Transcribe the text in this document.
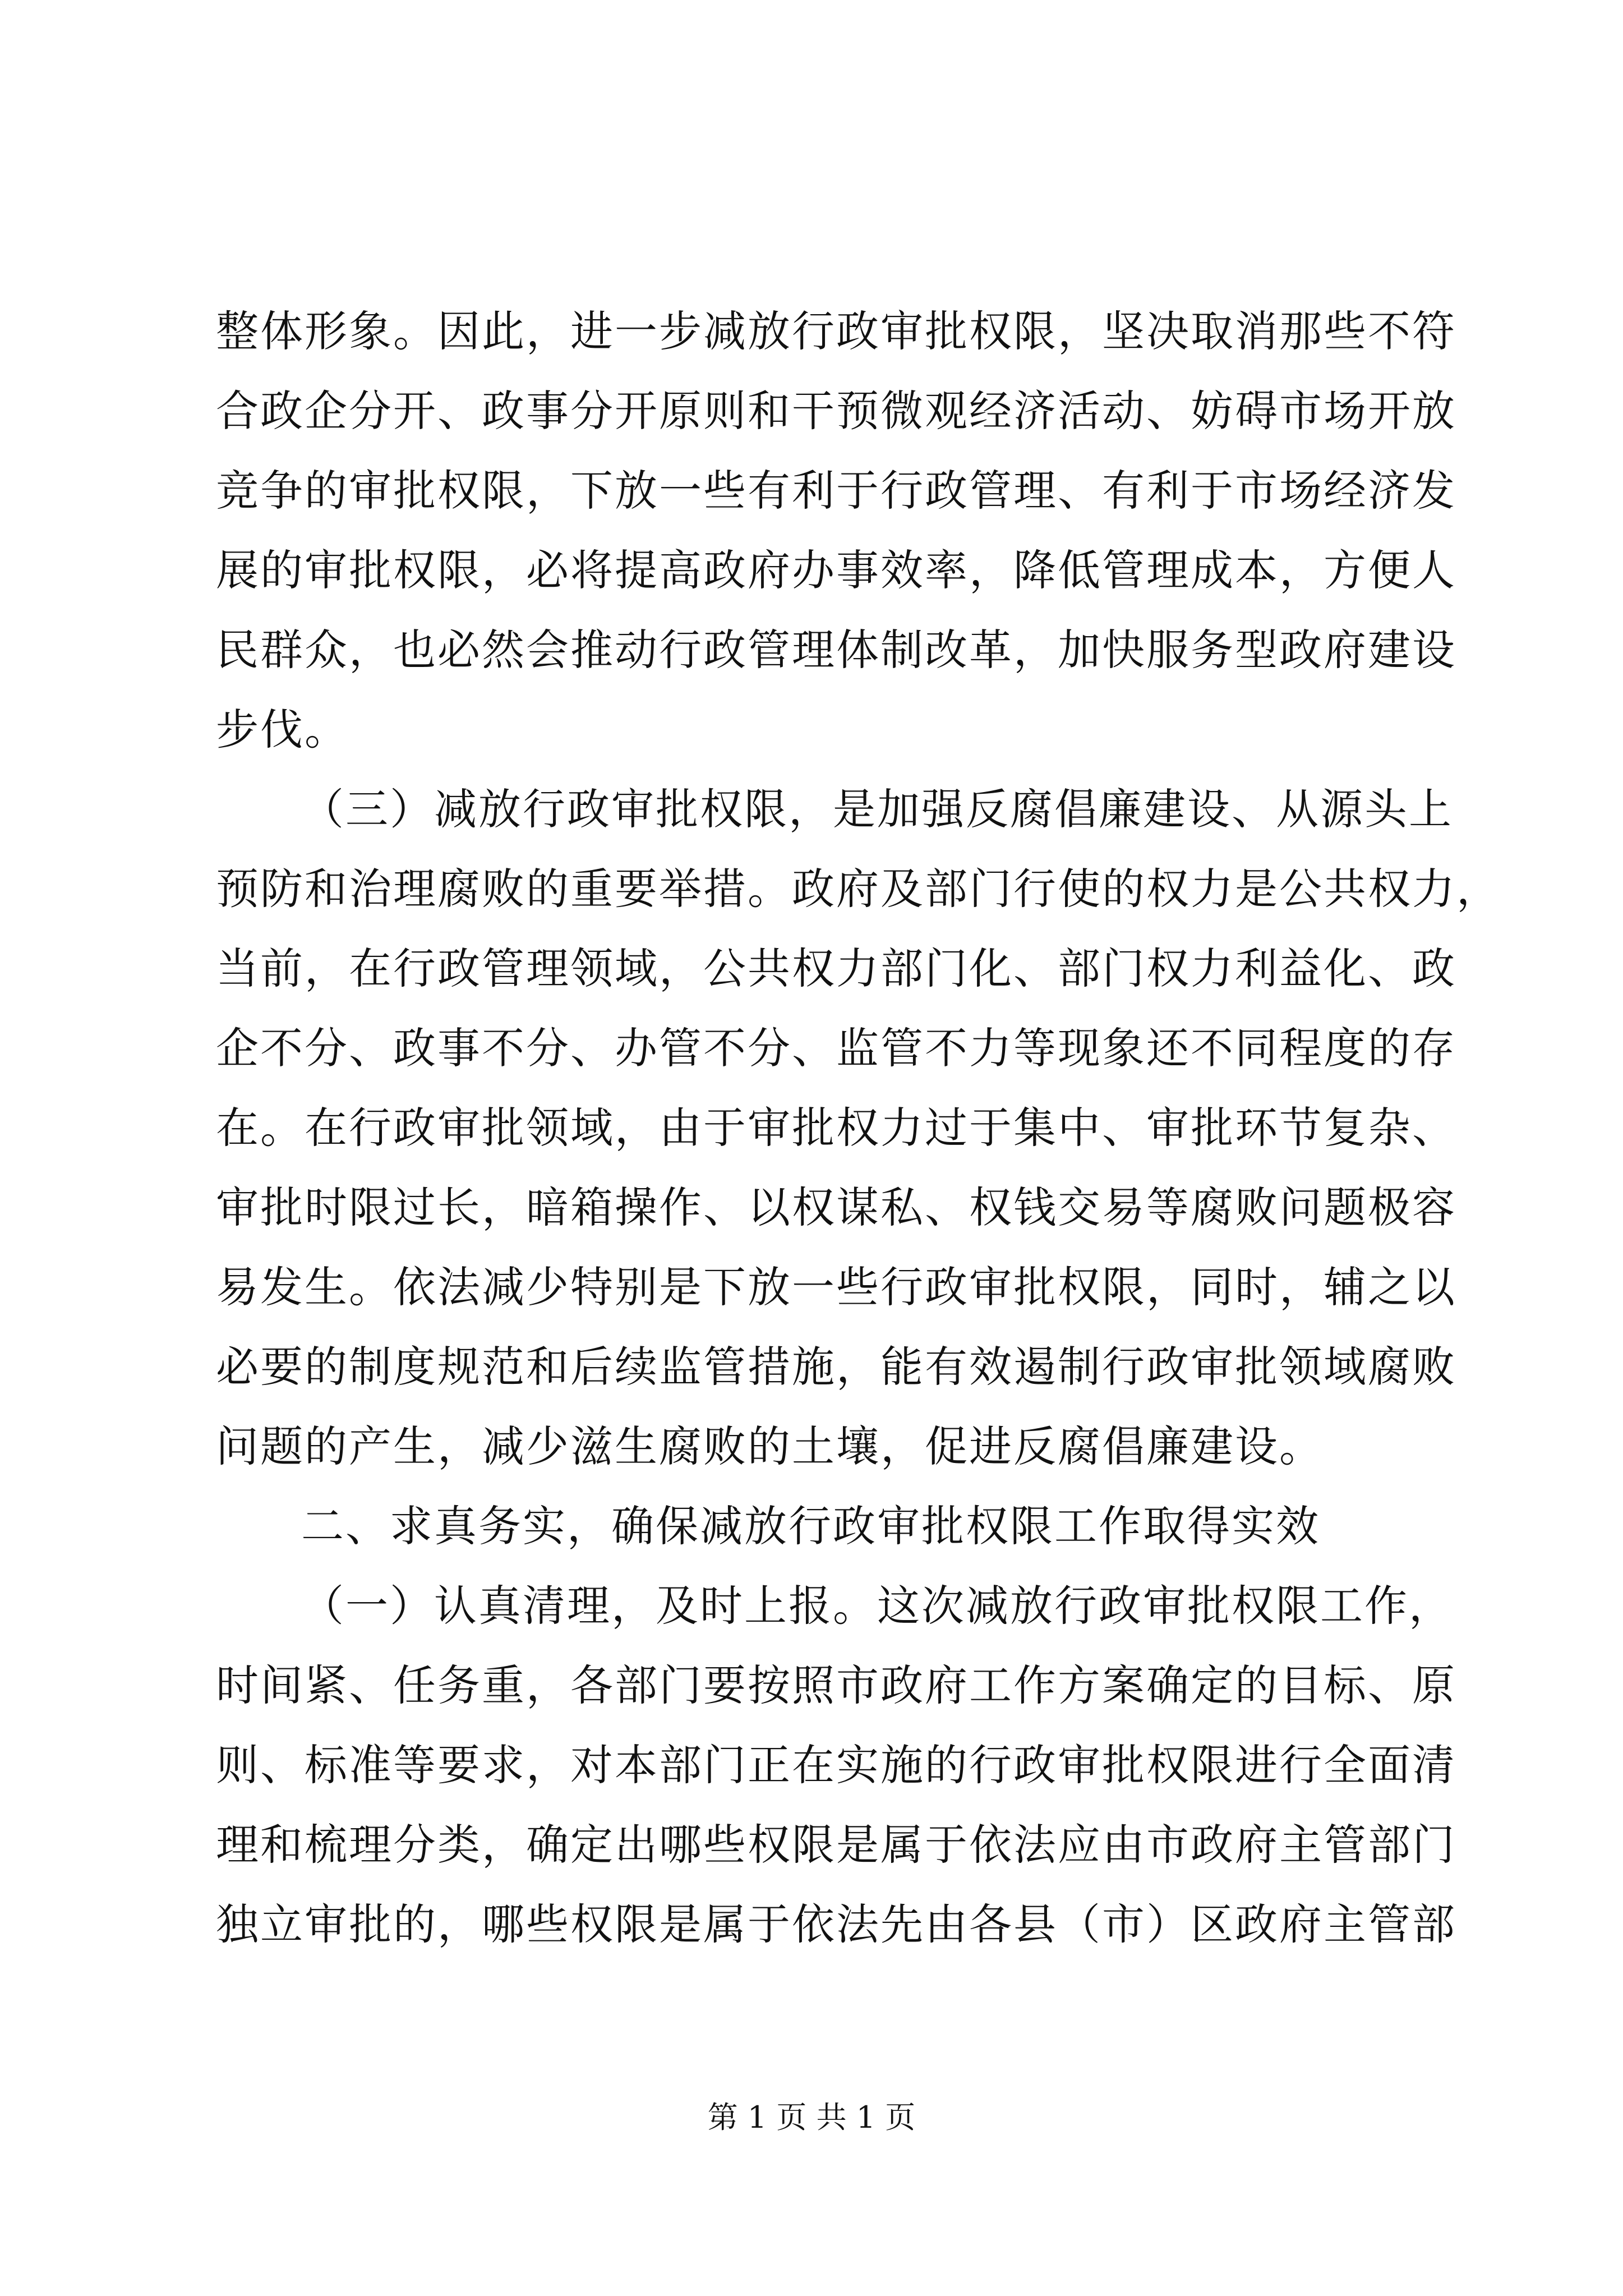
整体形象。因此，进一步减放行政审批权限，坚决取消那些不符
合政企分开、政事分开原则和干预微观经济活动、妨碍市场开放
竞争的审批权限，下放一些有利于行政管理、有利于市场经济发
展的审批权限，必将提高政府办事效率，降低管理成本，方便人
民群众，也必然会推动行政管理体制改革，加快服务型政府建设
步伐。
（三）减放行政审批权限，是加强反腐倡廉建设、从源头上
预防和治理腐败的重要举措。政府及部门行使的权力是公共权力，
当前，在行政管理领域，公共权力部门化、部门权力利益化、政
企不分、政事不分、办管不分、监管不力等现象还不同程度的存
在。在行政审批领域，由于审批权力过于集中、审批环节复杂、
审批时限过长，暗箱操作、以权谋私、权钱交易等腐败问题极容
易发生。依法减少特别是下放一些行政审批权限，同时，辅之以
必要的制度规范和后续监管措施，能有效遏制行政审批领域腐败
问题的产生，减少滋生腐败的土壤，促进反腐倡廉建设。
二、求真务实，确保减放行政审批权限工作取得实效
（一）认真清理，及时上报。这次减放行政审批权限工作，
时间紧、任务重，各部门要按照市政府工作方案确定的目标、原
则、标准等要求，对本部门正在实施的行政审批权限进行全面清
理和梳理分类，确定出哪些权限是属于依法应由市政府主管部门
独立审批的，哪些权限是属于依法先由各县（市）区政府主管部
第 1 页 共 1 页
